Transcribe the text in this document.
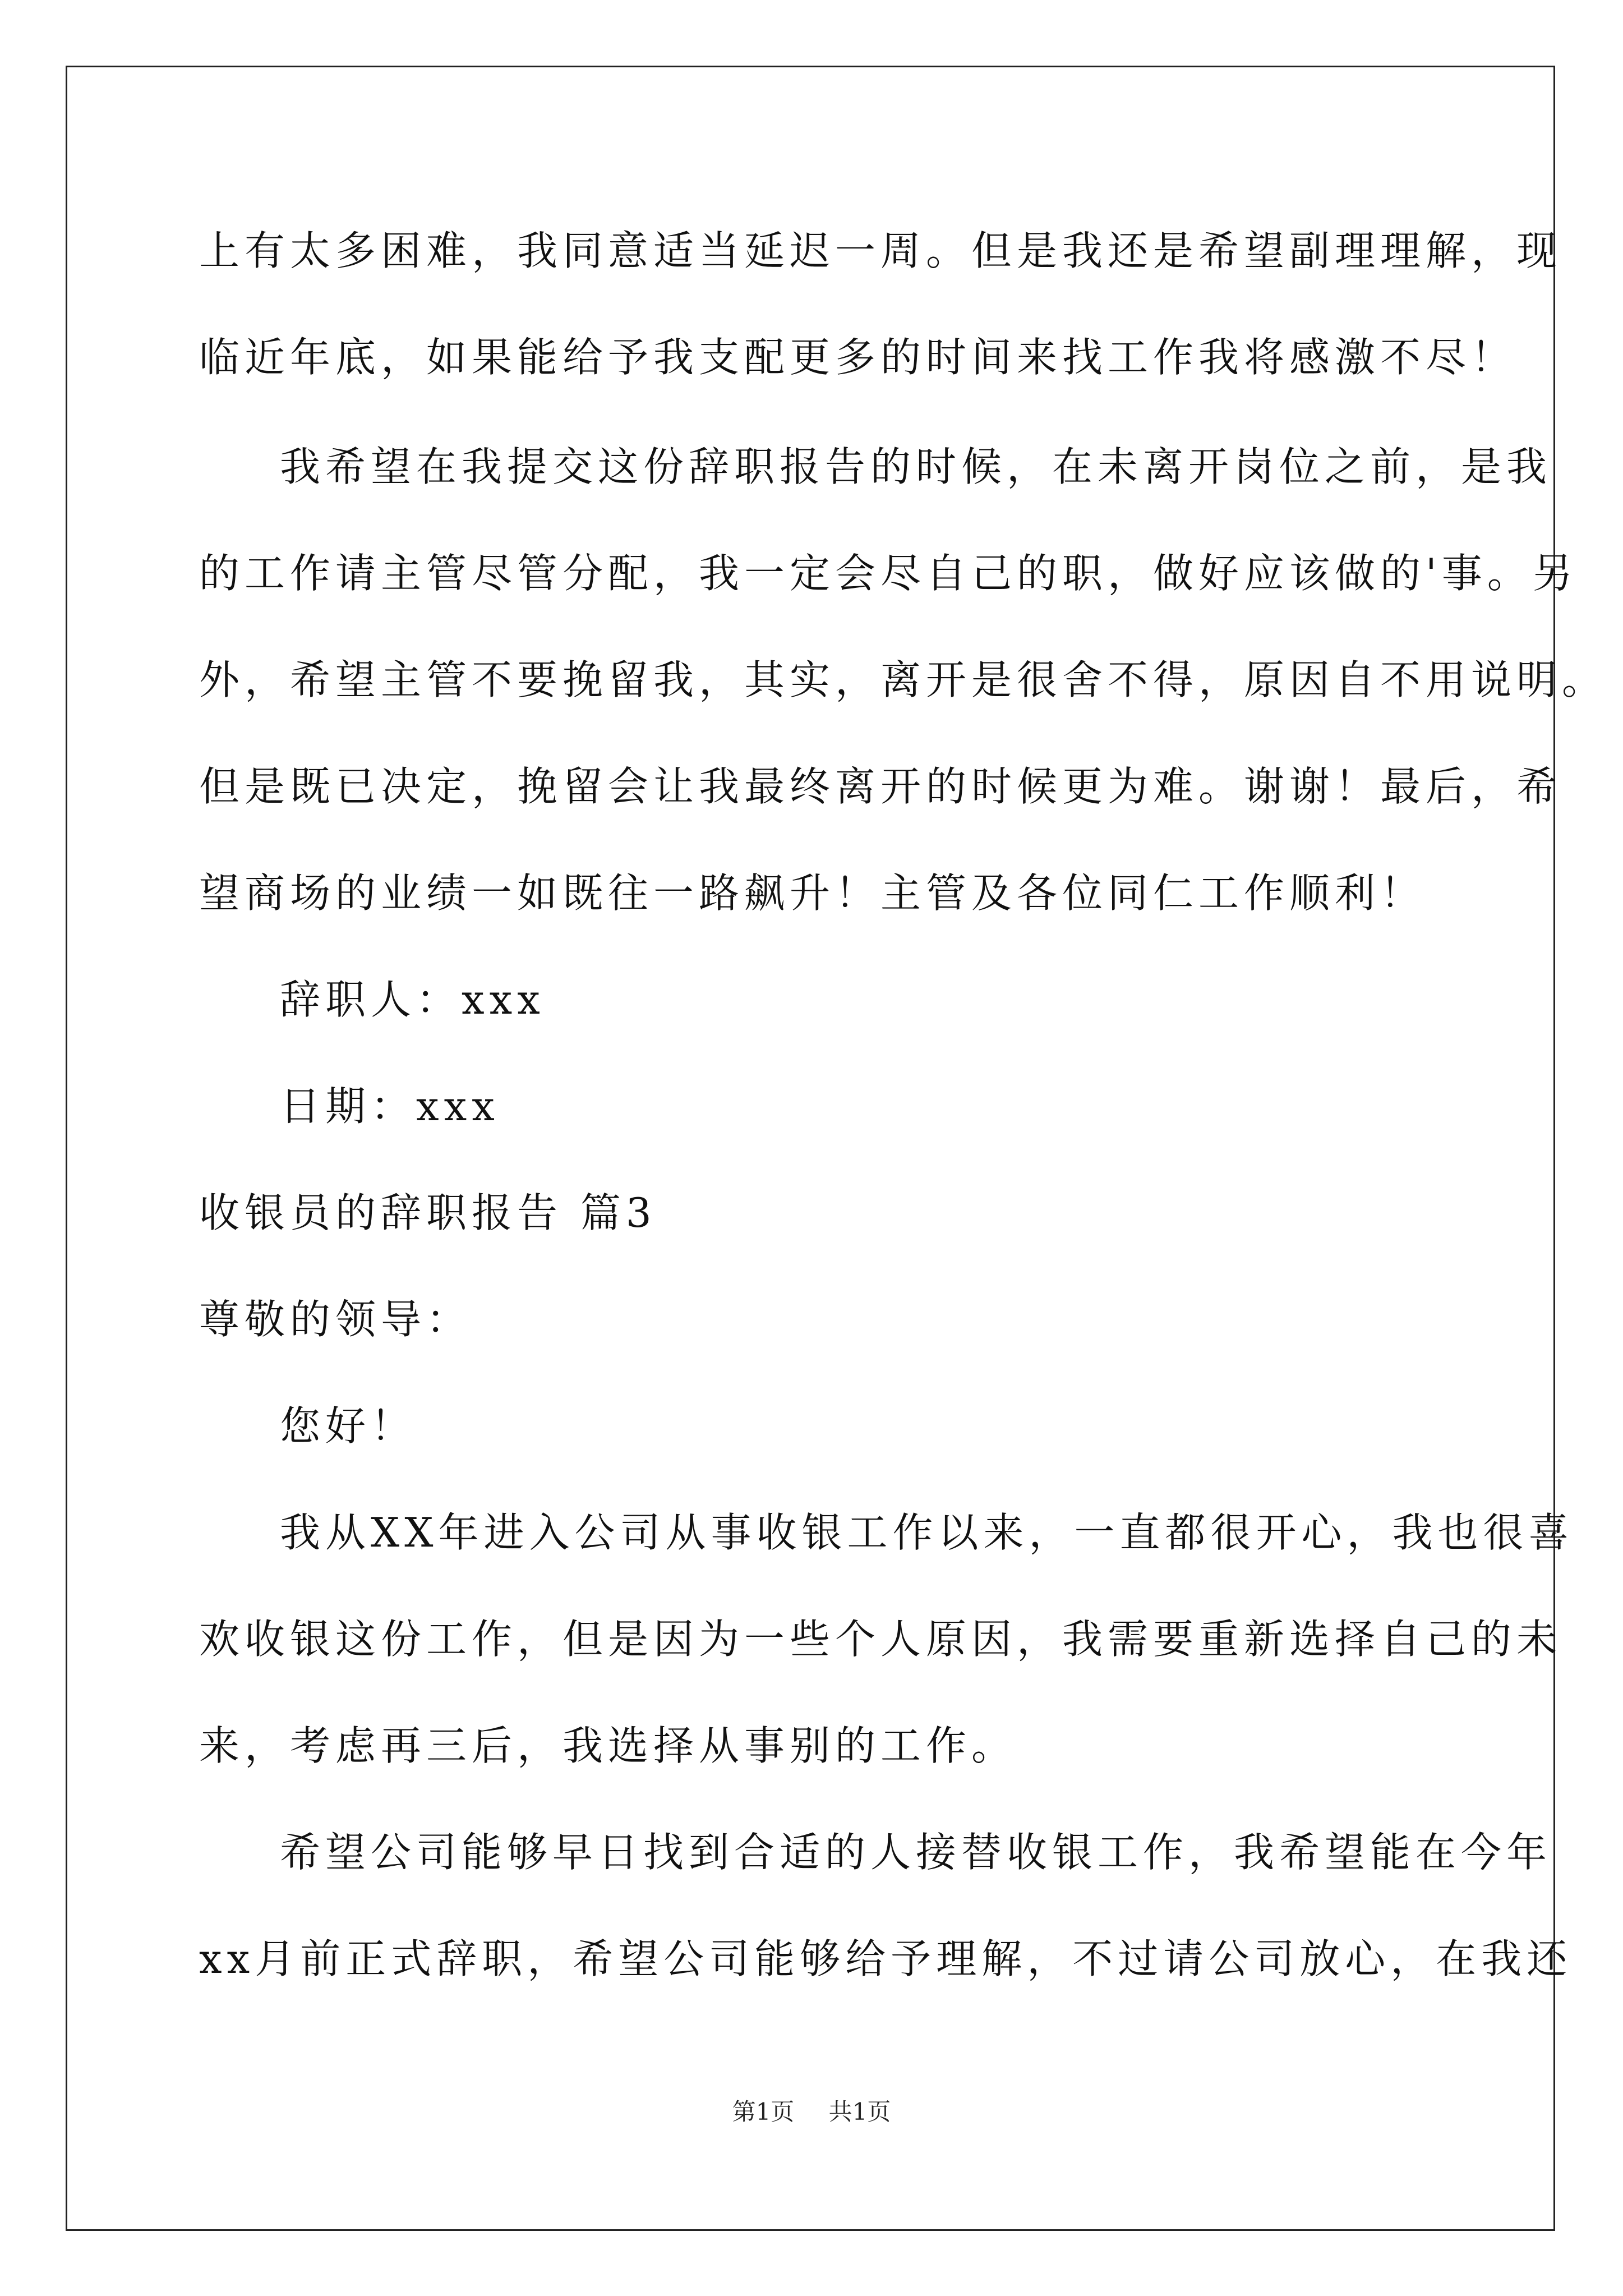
上有太多困难，我同意适当延迟一周。但是我还是希望副理理解，现
临近年底，如果能给予我支配更多的时间来找工作我将感激不尽！
我希望在我提交这份辞职报告的时候，在未离开岗位之前，是我
的工作请主管尽管分配，我一定会尽自己的职，做好应该做的'事。另
外，希望主管不要挽留我，其实，离开是很舍不得，原因自不用说明。
但是既已决定，挽留会让我最终离开的时候更为难。谢谢！最后，希
望商场的业绩一如既往一路飙升！主管及各位同仁工作顺利！
辞职人：xxx
日期：xxx
收银员的辞职报告 篇3
尊敬的领导：
您好！
我从XX年进入公司从事收银工作以来，一直都很开心，我也很喜
欢收银这份工作，但是因为一些个人原因，我需要重新选择自己的未
来，考虑再三后，我选择从事别的工作。
希望公司能够早日找到合适的人接替收银工作，我希望能在今年
xx月前正式辞职，希望公司能够给予理解，不过请公司放心，在我还
第1页 共1页
